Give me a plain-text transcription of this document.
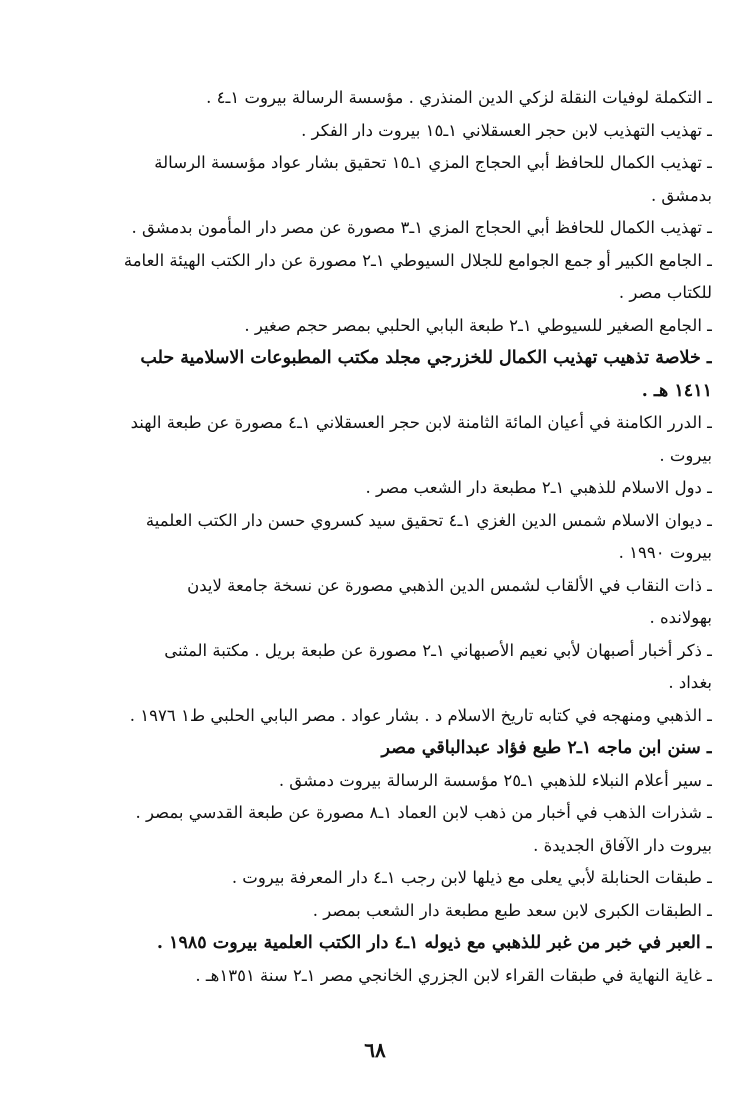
ـ التكملة لوفيات النقلة لزكي الدين المنذري . مؤسسة الرسالة بيروت ١ـ٤ .
ـ تهذيب التهذيب لابن حجر العسقلاني ١ـ١٥ بيروت دار الفكر .
ـ تهذيب الكمال للحافظ أبي الحجاج المزي ١ـ١٥ تحقيق بشار عواد مؤسسة الرسالة
بدمشق .
ـ تهذيب الكمال للحافظ أبي الحجاج المزي ١ـ٣ مصورة عن مصر دار المأمون بدمشق .
ـ الجامع الكبير أو جمع الجوامع للجلال السيوطي ١ـ٢ مصورة عن دار الكتب الهيئة العامة
للكتاب مصر .
ـ الجامع الصغير للسيوطي ١ـ٢ طبعة البابي الحلبي بمصر حجم صغير .
ـ خلاصة تذهيب تهذيب الكمال للخزرجي مجلد مكتب المطبوعات الاسلامية حلب
١٤١١ هـ .
ـ الدرر الكامنة في أعيان المائة الثامنة لابن حجر العسقلاني ١ـ٤ مصورة عن طبعة الهند
بيروت .
ـ دول الاسلام للذهبي ١ـ٢ مطبعة دار الشعب مصر .
ـ ديوان الاسلام شمس الدين الغزي ١ـ٤ تحقيق سيد كسروي حسن دار الكتب العلمية
بيروت ١٩٩٠ .
ـ ذات النقاب في الألقاب لشمس الدين الذهبي مصورة عن نسخة جامعة لايدن
بهولانده .
ـ ذكر أخبار أصبهان لأبي نعيم الأصبهاني ١ـ٢ مصورة عن طبعة بريل . مكتبة المثنى
بغداد .
ـ الذهبي ومنهجه في كتابه تاريخ الاسلام د . بشار عواد . مصر البابي الحلبي ط١ ١٩٧٦ .
ـ سنن ابن ماجه ١ـ٢ طبع فؤاد عبدالباقي مصر
ـ سير أعلام النبلاء للذهبي ١ـ٢٥ مؤسسة الرسالة بيروت دمشق .
ـ شذرات الذهب في أخبار من ذهب لابن العماد ١ـ٨ مصورة عن طبعة القدسي بمصر .
بيروت دار الآفاق الجديدة .
ـ طبقات الحنابلة لأبي يعلى مع ذيلها لابن رجب ١ـ٤ دار المعرفة بيروت .
ـ الطبقات الكبرى لابن سعد طبع مطبعة دار الشعب بمصر .
ـ العبر في خبر من غبر للذهبي مع ذيوله ١ـ٤ دار الكتب العلمية بيروت ١٩٨٥ .
ـ غاية النهاية في طبقات القراء لابن الجزري الخانجي مصر ١ـ٢ سنة ١٣٥١هـ .
٦٨
